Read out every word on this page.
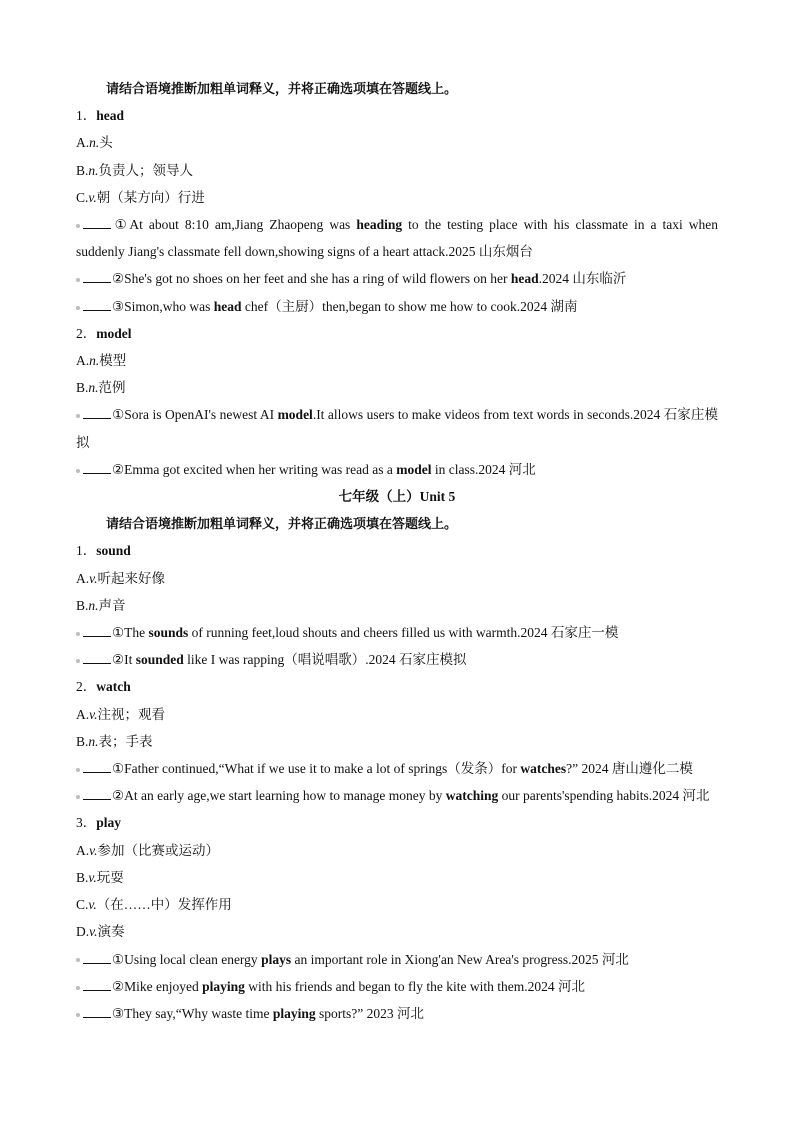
请结合语境推断加粗单词释义，并将正确选项填在答题线上。
1．head
A.n.头
B.n.负责人；领导人
C.v.朝（某方向）行进
①At about 8:10 am,Jiang Zhaopeng was heading to the testing place with his classmate in a taxi when suddenly Jiang's classmate fell down,showing signs of a heart attack.2025 山东烟台
②She's got no shoes on her feet and she has a ring of wild flowers on her head.2024 山东临沂
③Simon,who was head chef（主厨）then,began to show me how to cook.2024 湖南
2．model
A.n.模型
B.n.范例
①Sora is OpenAI's newest AI model.It allows users to make videos from text words in seconds.2024 石家庄模拟
②Emma got excited when her writing was read as a model in class.2024 河北
七年级（上）Unit 5
请结合语境推断加粗单词释义，并将正确选项填在答题线上。
1．sound
A.v.听起来好像
B.n.声音
①The sounds of running feet,loud shouts and cheers filled us with warmth.2024 石家庄一模
②It sounded like I was rapping（唱说唱歌）.2024 石家庄模拟
2．watch
A.v.注视；观看
B.n.表；手表
①Father continued,“What if we use it to make a lot of springs（发条）for watches?” 2024 唐山遵化二模
②At an early age,we start learning how to manage money by watching our parents'spending habits.2024 河北
3．play
A.v.参加（比赛或运动）
B.v.玩耍
C.v.（在……中）发挥作用
D.v.演奏
①Using local clean energy plays an important role in Xiong'an New Area's progress.2025 河北
②Mike enjoyed playing with his friends and began to fly the kite with them.2024 河北
③They say,“Why waste time playing sports?” 2023 河北
